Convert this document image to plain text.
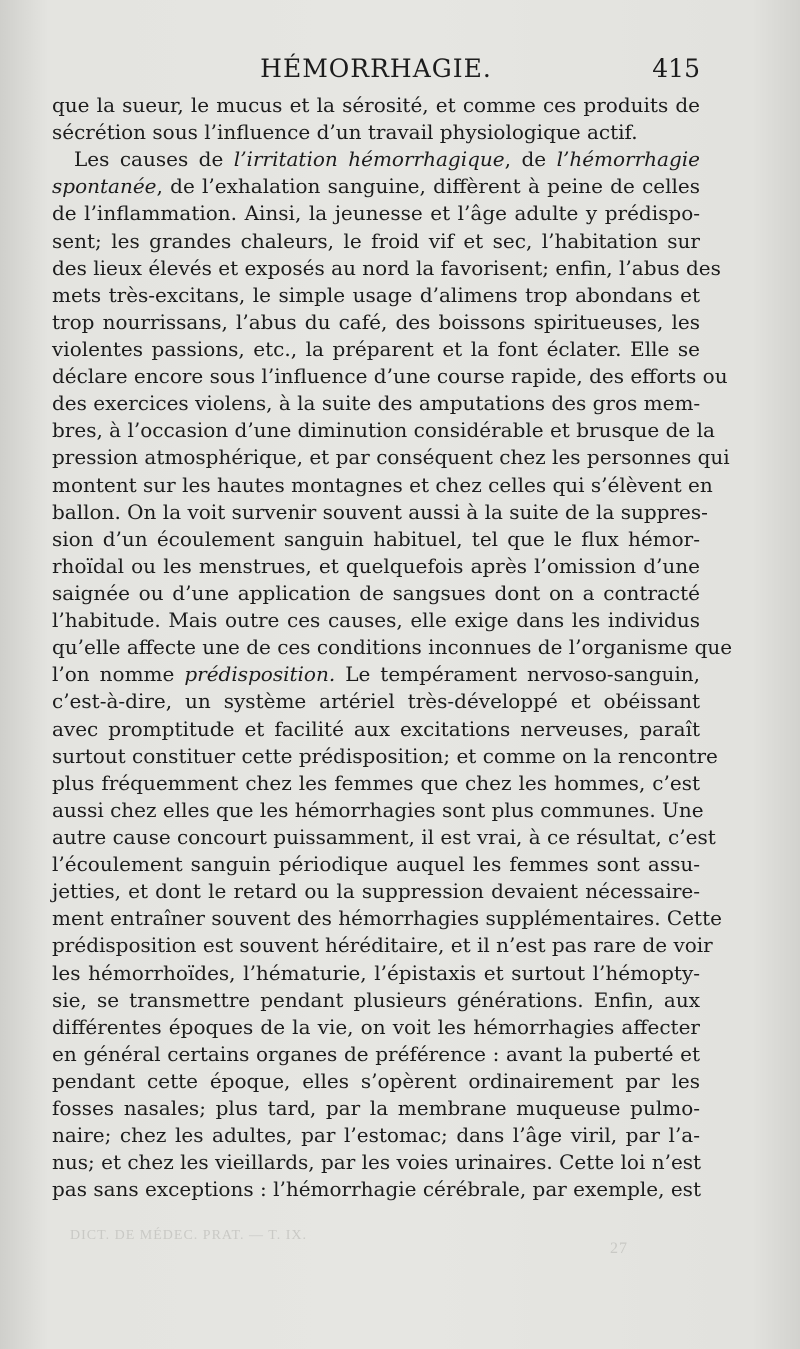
HÉMORRHAGIE.	415
que la sueur, le mucus et la sérosité, et comme ces produits de
sécrétion sous l’influence d’un travail physiologique actif.
Les causes de l’irritation hémorrhagique, de l’hémorrhagie
spontanée, de l’exhalation sanguine, diffèrent à peine de celles
de l’inflammation. Ainsi, la jeunesse et l’âge adulte y prédispo-
sent; les grandes chaleurs, le froid vif et sec, l’habitation sur
des lieux élevés et exposés au nord la favorisent; enfin, l’abus des
mets très-excitans, le simple usage d’alimens trop abondans et
trop nourrissans, l’abus du café, des boissons spiritueuses, les
violentes passions, etc., la préparent et la font éclater. Elle se
déclare encore sous l’influence d’une course rapide, des efforts ou
des exercices violens, à la suite des amputations des gros mem-
bres, à l’occasion d’une diminution considérable et brusque de la
pression atmosphérique, et par conséquent chez les personnes qui
montent sur les hautes montagnes et chez celles qui s’élèvent en
ballon. On la voit survenir souvent aussi à la suite de la suppres-
sion d’un écoulement sanguin habituel, tel que le flux hémor-
rhoïdal ou les menstrues, et quelquefois après l’omission d’une
saignée ou d’une application de sangsues dont on a contracté
l’habitude. Mais outre ces causes, elle exige dans les individus
qu’elle affecte une de ces conditions inconnues de l’organisme que
l’on nomme prédisposition. Le tempérament nervoso-sanguin,
c’est-à-dire, un système artériel très-développé et obéissant
avec promptitude et facilité aux excitations nerveuses, paraît
surtout constituer cette prédisposition; et comme on la rencontre
plus fréquemment chez les femmes que chez les hommes, c’est
aussi chez elles que les hémorrhagies sont plus communes. Une
autre cause concourt puissamment, il est vrai, à ce résultat, c’est
l’écoulement sanguin périodique auquel les femmes sont assu-
jetties, et dont le retard ou la suppression devaient nécessaire-
ment entraîner souvent des hémorrhagies supplémentaires. Cette
prédisposition est souvent héréditaire, et il n’est pas rare de voir
les hémorrhoïdes, l’hématurie, l’épistaxis et surtout l’hémopty-
sie, se transmettre pendant plusieurs générations. Enfin, aux
différentes époques de la vie, on voit les hémorrhagies affecter
en général certains organes de préférence : avant la puberté et
pendant cette époque, elles s’opèrent ordinairement par les
fosses nasales; plus tard, par la membrane muqueuse pulmo-
naire; chez les adultes, par l’estomac; dans l’âge viril, par l’a-
nus; et chez les vieillards, par les voies urinaires. Cette loi n’est
pas sans exceptions : l’hémorrhagie cérébrale, par exemple, est
DICT. DE MÉDEC. PRAT. — T. IX.
27
